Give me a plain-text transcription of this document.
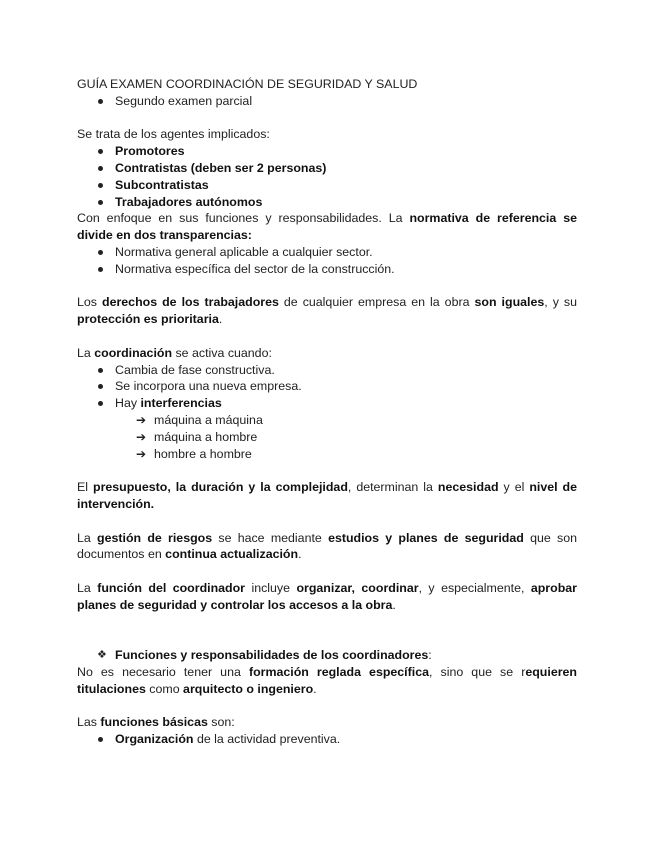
GUÍA EXAMEN COORDINACIÓN DE SEGURIDAD Y SALUD

Segundo examen parcial

Se trata de los agentes implicados:

Promotores
Contratistas (deben ser 2 personas)
Subcontratistas
Trabajadores autónomos

Con enfoque en sus funciones y responsabilidades. La normativa de referencia se divide en dos transparencias:

Normativa general aplicable a cualquier sector.
Normativa específica del sector de la construcción.

Los derechos de los trabajadores de cualquier empresa en la obra son iguales, y su protección es prioritaria.

La coordinación se activa cuando:

Cambia de fase constructiva.
Se incorpora una nueva empresa.
Hay interferencias
➔ máquina a máquina
➔ máquina a hombre
➔ hombre a hombre

El presupuesto, la duración y la complejidad, determinan la necesidad y el nivel de intervención.

La gestión de riesgos se hace mediante estudios y planes de seguridad que son documentos en continua actualización.

La función del coordinador incluye organizar, coordinar, y especialmente, aprobar planes de seguridad y controlar los accesos a la obra.

❖ Funciones y responsabilidades de los coordinadores:

No es necesario tener una formación reglada específica, sino que se requieren titulaciones como arquitecto o ingeniero.

Las funciones básicas son:

Organización de la actividad preventiva.
